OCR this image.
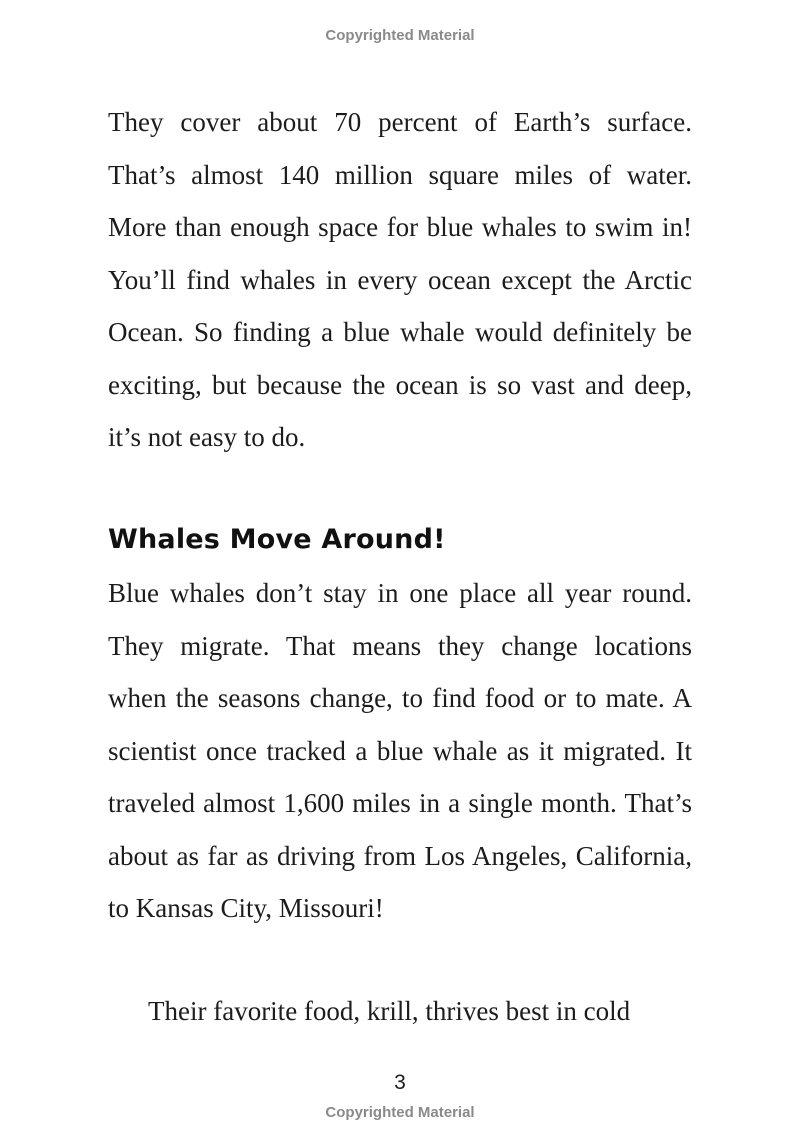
Copyrighted Material

They cover about 70 percent of Earth’s surface. That’s almost 140 million square miles of water. More than enough space for blue whales to swim in! You’ll find whales in every ocean except the Arctic Ocean. So finding a blue whale would definitely be exciting, but because the ocean is so vast and deep, it’s not easy to do.

Whales Move Around!

Blue whales don’t stay in one place all year round. They migrate. That means they change locations when the seasons change, to find food or to mate. A scientist once tracked a blue whale as it migrated. It traveled almost 1,600 miles in a single month. That’s about as far as driving from Los Angeles, California, to Kansas City, Missouri!

Their favorite food, krill, thrives best in cold

3
Copyrighted Material
